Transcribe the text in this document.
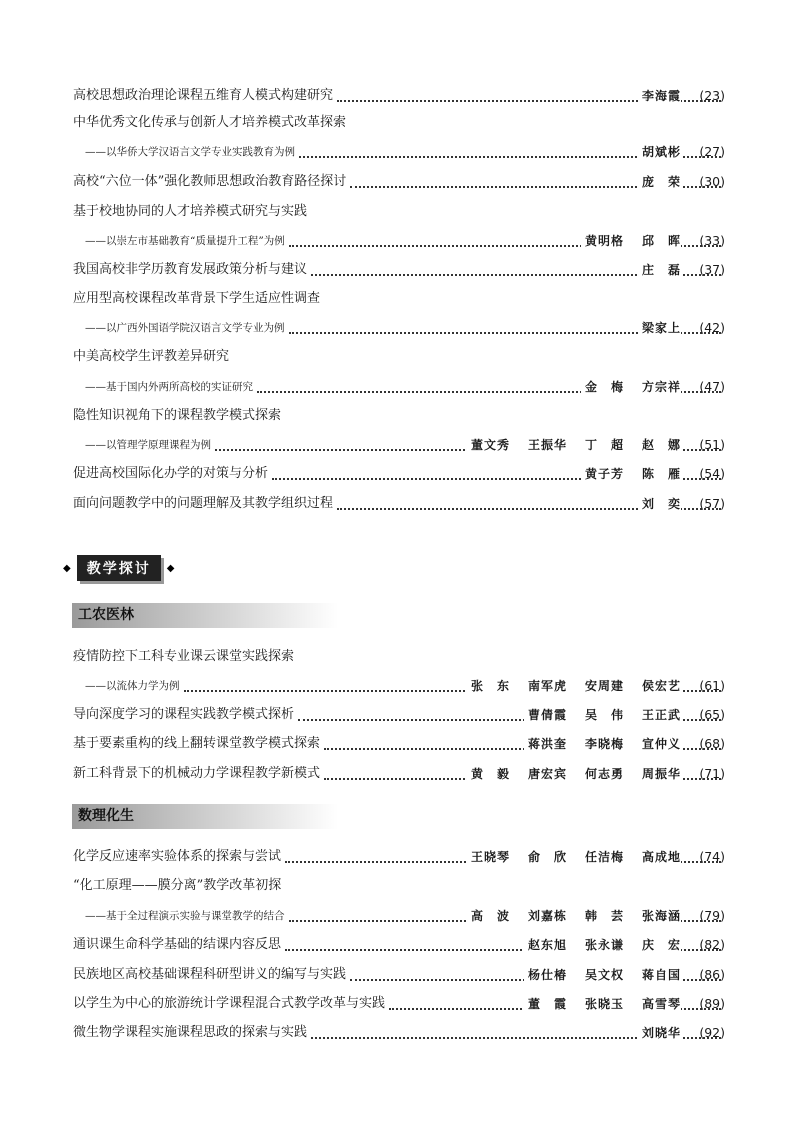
高校思想政治理论课程五维育人模式构建研究	李海霞	(23)
中华优秀文化传承与创新人才培养模式改革探索
——以华侨大学汉语言文学专业实践教育为例	胡斌彬	(27)
高校“六位一体”强化教师思想政治教育路径探讨	庞　荣	(30)
基于校地协同的人才培养模式研究与实践
——以崇左市基础教育“质量提升工程”为例	黄明格 邱　晖	(33)
我国高校非学历教育发展政策分析与建议	庄　磊	(37)
应用型高校课程改革背景下学生适应性调查
——以广西外国语学院汉语言文学专业为例	梁家上	(42)
中美高校学生评教差异研究
——基于国内外两所高校的实证研究	金　梅 方宗祥	(47)
隐性知识视角下的课程教学模式探索
——以管理学原理课程为例	董文秀 王振华 丁　超 赵　娜	(51)
促进高校国际化办学的对策与分析	黄子芳 陈　雁	(54)
面向问题教学中的问题理解及其教学组织过程	刘　奕	(57)
疫情防控下工科专业课云课堂实践探索
——以流体力学为例	张　东 南军虎 安周建 侯宏艺	(61)
导向深度学习的课程实践教学模式探析	曹倩霞 吴　伟 王正武	(65)
基于要素重构的线上翻转课堂教学模式探索	蒋洪奎 李晓梅 宣仲义	(68)
新工科背景下的机械动力学课程教学新模式	黄　毅 唐宏宾 何志勇 周振华	(71)
化学反应速率实验体系的探索与尝试	王晓琴 俞　欣 任洁梅 高成地	(74)
“化工原理——膜分离”教学改革初探
——基于全过程演示实验与课堂教学的结合	高　波 刘嘉栋 韩　芸 张海涵	(79)
通识课生命科学基础的结课内容反思	赵东旭 张永谦 庆　宏	(82)
民族地区高校基础课程科研型讲义的编写与实践	杨仕椿 吴文权 蒋自国	(86)
以学生为中心的旅游统计学课程混合式教学改革与实践	董　霞 张晓玉 高雪琴	(89)
微生物学课程实施课程思政的探索与实践	刘晓华	(92)
◆	教学探讨	◆
工农医林
数理化生
